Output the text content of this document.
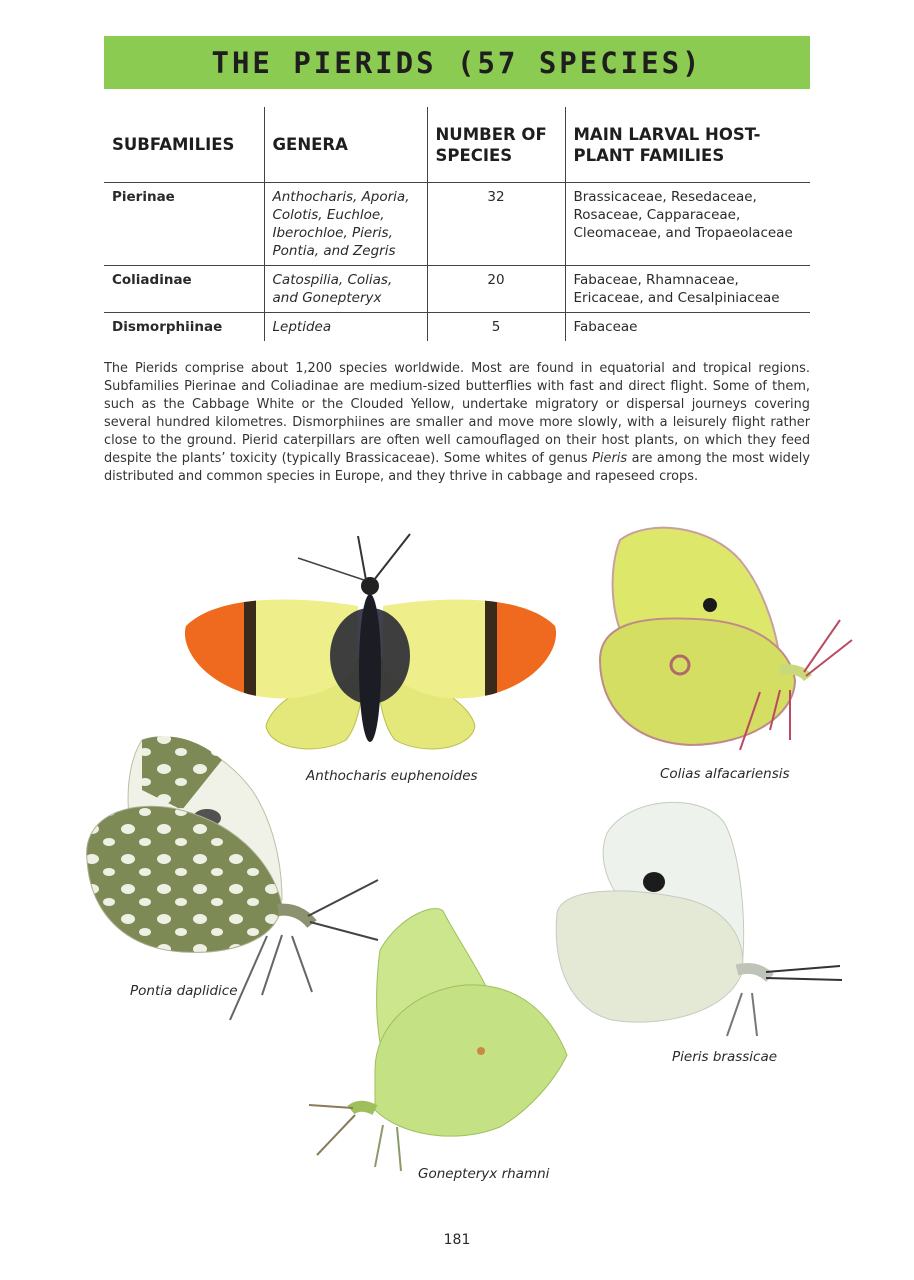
THE PIERIDS (57 SPECIES)
SUBFAMILIES	GENERA	NUMBER OF SPECIES	MAIN LARVAL HOST-PLANT FAMILIES
Pierinae	Anthocharis, Aporia, Colotis, Euchloe, Iberochloe, Pieris, Pontia, and Zegris	32	Brassicaceae, Resedaceae, Rosaceae, Capparaceae, Cleomaceae, and Tropaeolaceae
Coliadinae	Catospilia, Colias, and Gonepteryx	20	Fabaceae, Rhamnaceae, Ericaceae, and Cesalpiniaceae
Dismorphiinae	Leptidea	5	Fabaceae

The Pierids comprise about 1,200 species worldwide. Most are found in equatorial and tropical regions. Subfamilies Pierinae and Coliadinae are medium-sized butterflies with fast and direct flight. Some of them, such as the Cabbage White or the Clouded Yellow, undertake migratory or dispersal journeys covering several hundred kilometres. Dismorphiines are smaller and move more slowly, with a leisurely flight rather close to the ground. Pierid caterpillars are often well camouflaged on their host plants, on which they feed despite the plants’ toxicity (typically Brassicaceae). Some whites of genus Pieris are among the most widely distributed and common species in Europe, and they thrive in cabbage and rapeseed crops.

Anthocharis euphenoides	Colias alfacariensis
Pontia daplidice
Pieris brassicae
Gonepteryx rhamni
181
